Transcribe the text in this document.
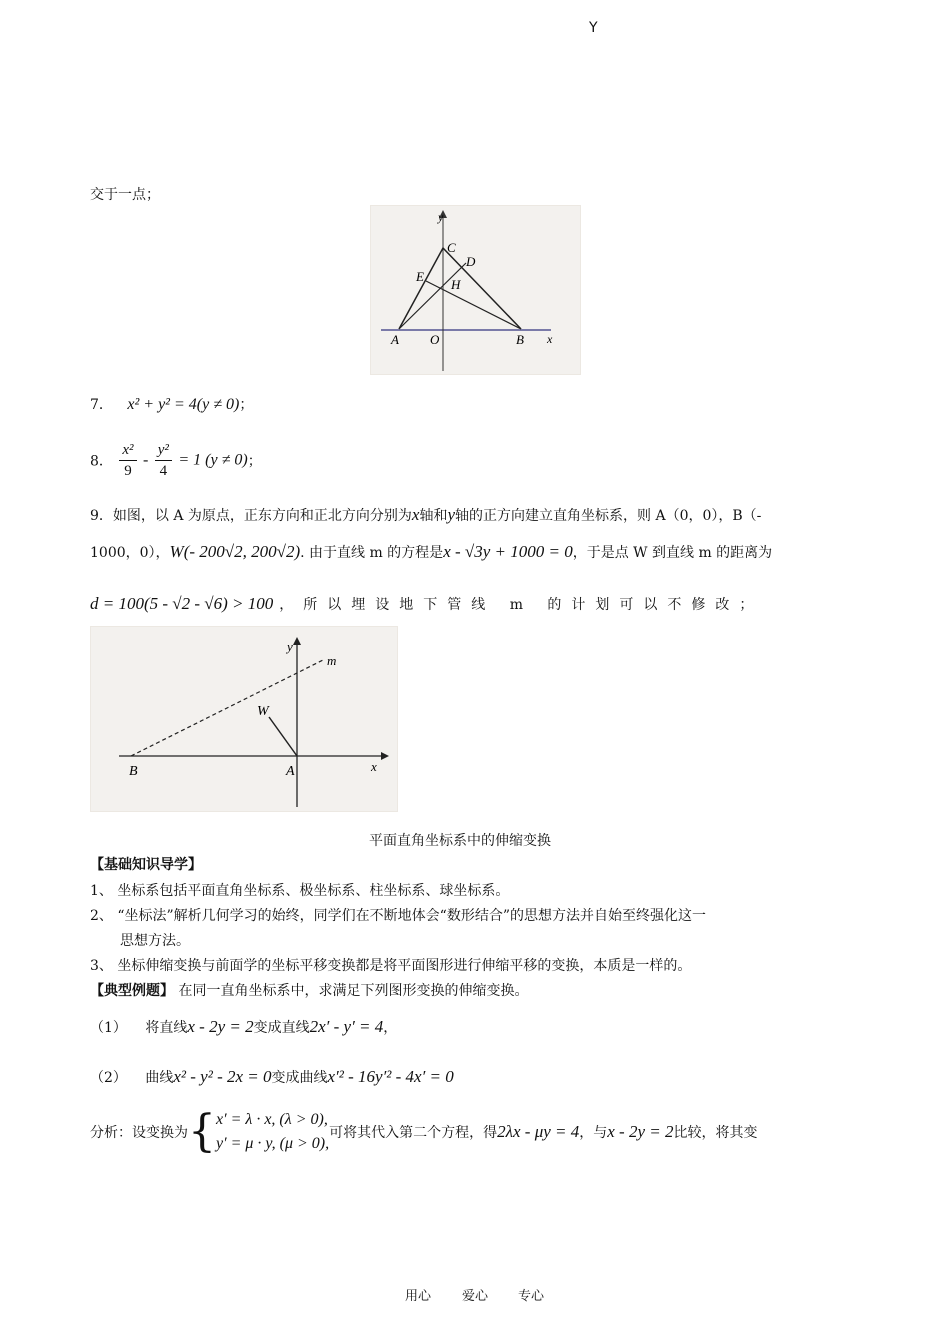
Y
交于一点；
y
x
A O	B
C
D
E
H
7． x² + y² = 4(y ≠ 0)；
8． $\frac{\text{x²}}{9} - \frac{\text{y²}}{4} = 1$ (y ≠ 0)；
9．如图，以 A 为原点，正东方向和正北方向分别为x轴和y轴的正方向建立直角坐标系，则 A（0，0），B（-
1000，0），W(- 200√2, 200√2). 由于直线 m 的方程是x - √3y + 1000 = 0，于是点 W 到直线 m 的距离为
d = 100(5 - √2 - √6) > 100 ，所以埋设地下管线 m 的计划可以不修改；
y
x
m
W
B	A
平面直角坐标系中的伸缩变换
【基础知识导学】
1、 坐标系包括平面直角坐标系、极坐标系、柱坐标系、球坐标系。
2、 “坐标法”解析几何学习的始终，同学们在不断地体会“数形结合”的思想方法并自始至终强化这一
思想方法。
3、 坐标伸缩变换与前面学的坐标平移变换都是将平面图形进行伸缩平移的变换，本质是一样的。
【典型例题】 在同一直角坐标系中，求满足下列图形变换的伸缩变换。
（1） 将直线x - 2y = 2变成直线2x′ - y′ = 4，
（2） 曲线x² - y² - 2x = 0变成曲线x′² - 16y′² - 4x′ = 0
分析：设变换为{ x′ = λ · x, (λ > 0),
y′ = μ · y, (μ > 0),
可将其代入第二个方程，得2λx - μy = 4，与x - 2y = 2比较，将其变
用心 爱心 专心
